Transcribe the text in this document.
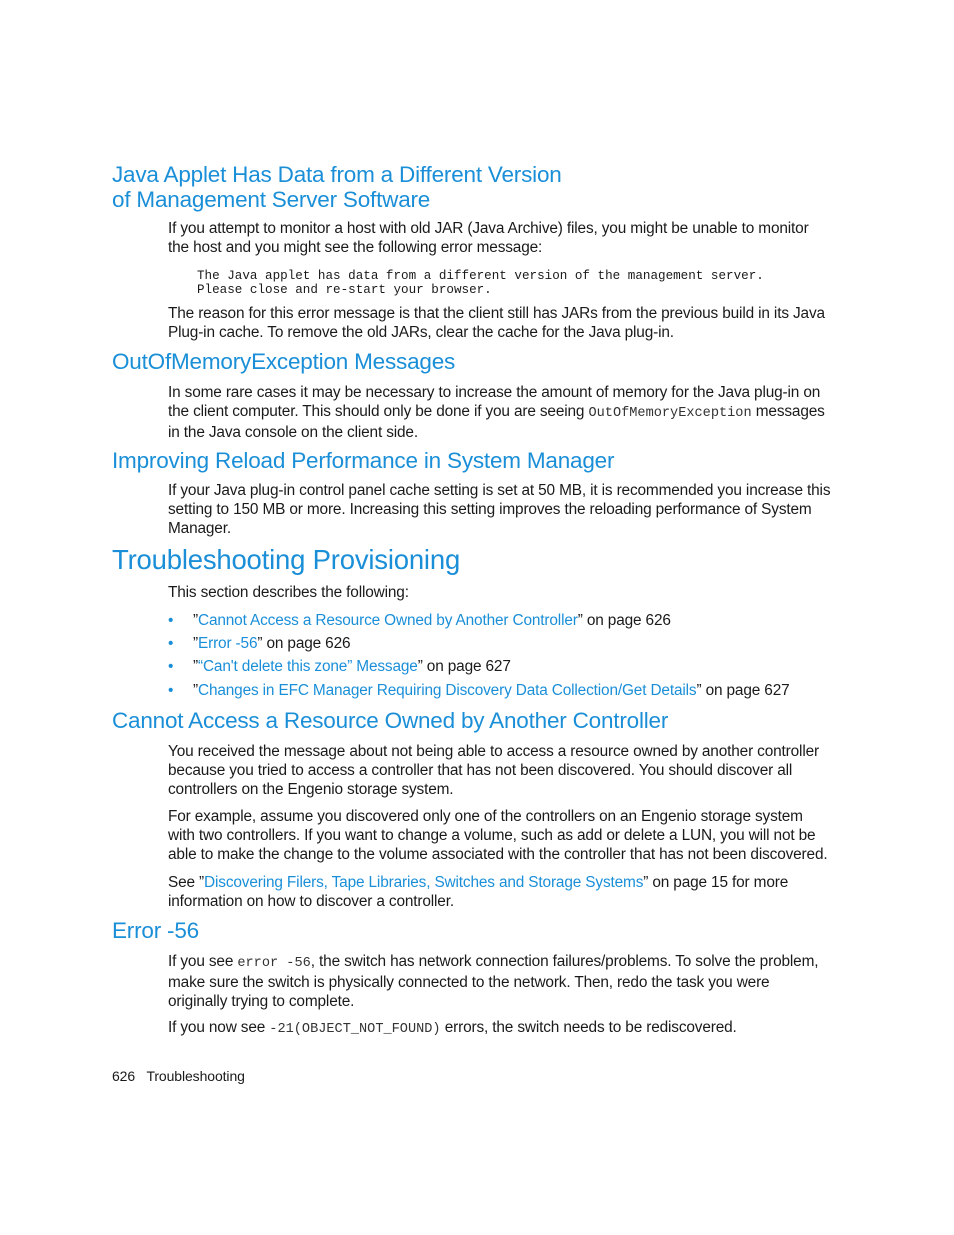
Java Applet Has Data from a Different Version
of Management Server Software

If you attempt to monitor a host with old JAR (Java Archive) files, you might be unable to monitor the host and you might see the following error message:

The Java applet has data from a different version of the management server.
Please close and re-start your browser.

The reason for this error message is that the client still has JARs from the previous build in its Java Plug-in cache. To remove the old JARs, clear the cache for the Java plug-in.

OutOfMemoryException Messages

In some rare cases it may be necessary to increase the amount of memory for the Java plug-in on the client computer. This should only be done if you are seeing OutOfMemoryException messages in the Java console on the client side.

Improving Reload Performance in System Manager

If your Java plug-in control panel cache setting is set at 50 MB, it is recommended you increase this setting to 150 MB or more. Increasing this setting improves the reloading performance of System Manager.

Troubleshooting Provisioning

This section describes the following:

• ”Cannot Access a Resource Owned by Another Controller” on page 626
• ”Error -56” on page 626
• ”“Can't delete this zone” Message” on page 627
• ”Changes in EFC Manager Requiring Discovery Data Collection/Get Details” on page 627
Cannot Access a Resource Owned by Another Controller

You received the message about not being able to access a resource owned by another controller because you tried to access a controller that has not been discovered. You should discover all controllers on the Engenio storage system.

For example, assume you discovered only one of the controllers on an Engenio storage system with two controllers. If you want to change a volume, such as add or delete a LUN, you will not be able to make the change to the volume associated with the controller that has not been discovered.

See ”Discovering Filers, Tape Libraries, Switches and Storage Systems” on page 15 for more information on how to discover a controller.

Error -56

If you see error -56, the switch has network connection failures/problems. To solve the problem, make sure the switch is physically connected to the network. Then, redo the task you were originally trying to complete.

If you now see -21(OBJECT_NOT_FOUND) errors, the switch needs to be rediscovered.

626 Troubleshooting
